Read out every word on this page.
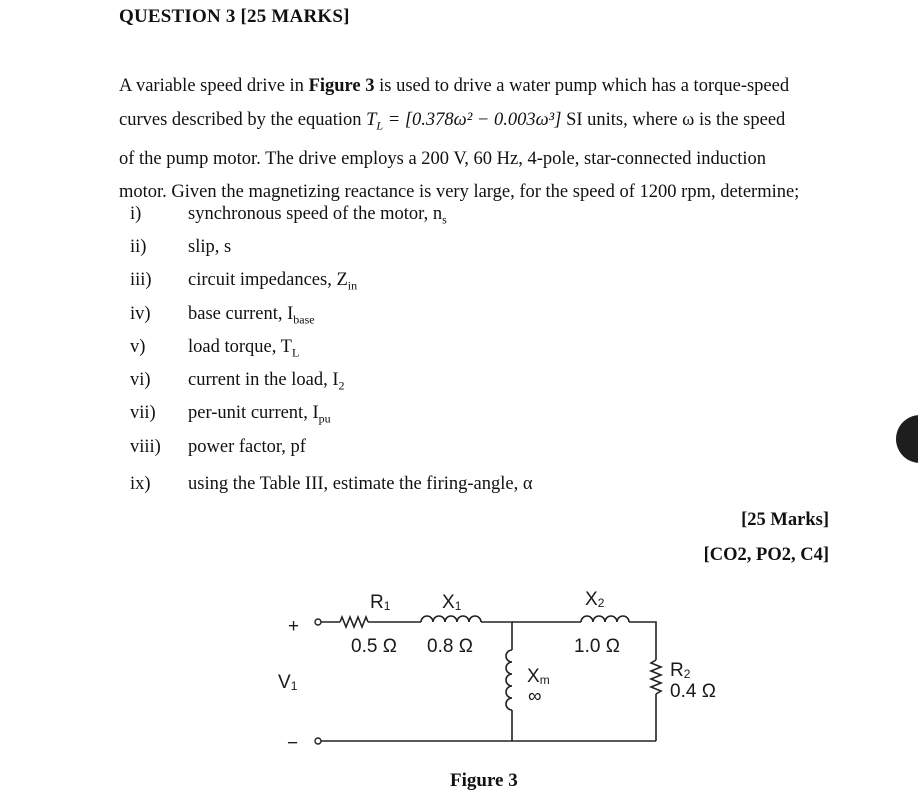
QUESTION 3 [25 MARKS]
A variable speed drive in Figure 3 is used to drive a water pump which has a torque-speed
curves described by the equation $T_L = [0.378\omega^2 - 0.003\omega^3]$ SI units, where ω is the speed
of the pump motor. The drive employs a 200 V, 60 Hz, 4-pole, star-connected induction
motor. Given the magnetizing reactance is very large, for the speed of 1200 rpm, determine;
i)	synchronous speed of the motor, $n_s$
ii)	slip, s
iii)	circuit impedances, $Z_{in}$
iv)	base current, $I_{base}$
v)	load torque, $T_L$
vi)	current in the load, $I_2$
vii)	per-unit current, $I_{pu}$
viii)	power factor, pf
ix)	using the Table III, estimate the firing-angle, α
[25 Marks]
[CO2, PO2, C4]
+
−
R1
0.5 Ω
X1
0.8 Ω
X2
1.0 Ω
Xm
∞
R2
0.4 Ω
V1
Figure 3
